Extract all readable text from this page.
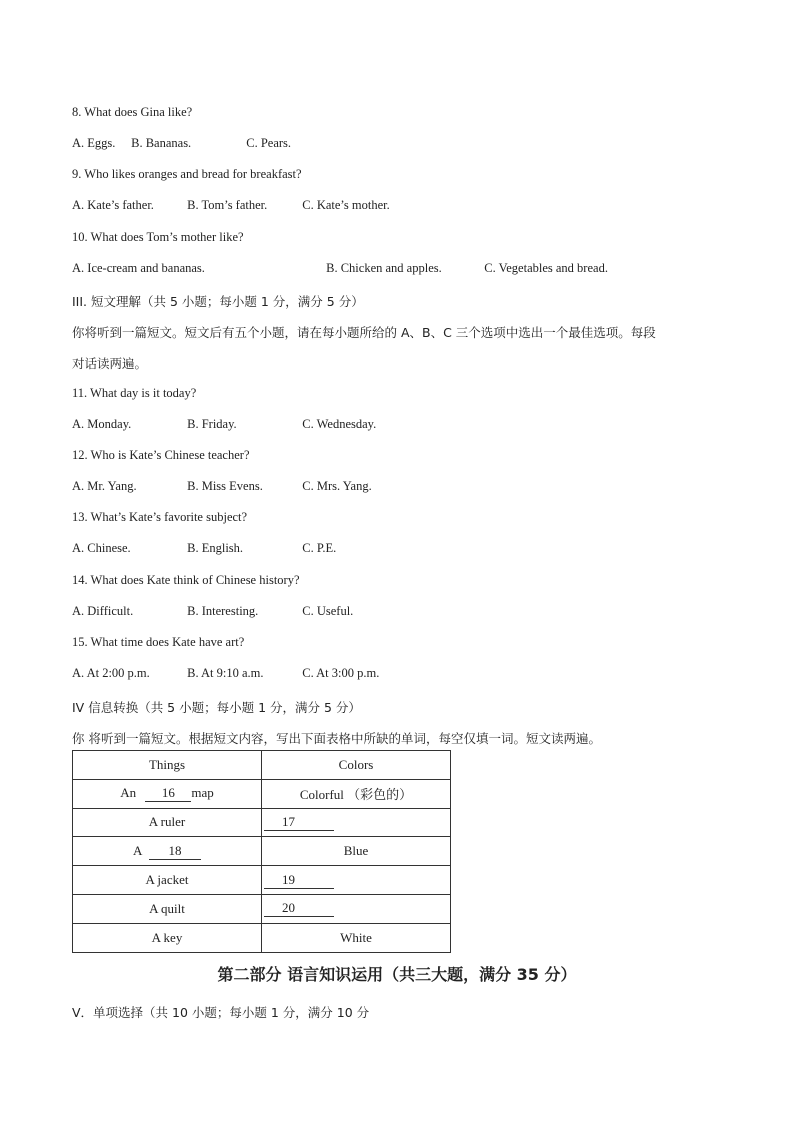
8. What does Gina like?
A. Eggs. B. Bananas.	C. Pears.
9. Who likes oranges and bread for breakfast?
A. Kate’s father.	B. Tom’s father.	C. Kate’s mother.
10. What does Tom’s mother like?
A. Ice-cream and bananas.	B. Chicken and apples.	C. Vegetables and bread.
III. 短文理解（共 5 小题；每小题 1 分，满分 5 分）
你将听到一篇短文。短文后有五个小题，请在每小题所给的 A、B、C 三个选项中选出一个最佳选项。每段
对话读两遍。
11. What day is it today?
A. Monday.	B. Friday.	C. Wednesday.
12. Who is Kate’s Chinese teacher?
A. Mr. Yang.	B. Miss Evens.	C. Mrs. Yang.
13. What’s Kate’s favorite subject?
A. Chinese.	B. English.	C. P.E.
14. What does Kate think of Chinese history?
A. Difficult.	B. Interesting.	C. Useful.
15. What time does Kate have art?
A. At 2:00 p.m.	B. At 9:10 a.m.	C. At 3:00 p.m.
IV 信息转换（共 5 小题；每小题 1 分，满分 5 分）
你 将听到一篇短文。根据短文内容，写出下面表格中所缺的单词，每空仅填一词。短文读两遍。
Things	Colors
An 16 map	Colorful （彩色的）
A ruler	17
A 18	Blue
A jacket	19
A quilt	20
A key	White
第二部分 语言知识运用（共三大题，满分 35 分）
V．单项选择（共 10 小题；每小题 1 分，满分 10 分
